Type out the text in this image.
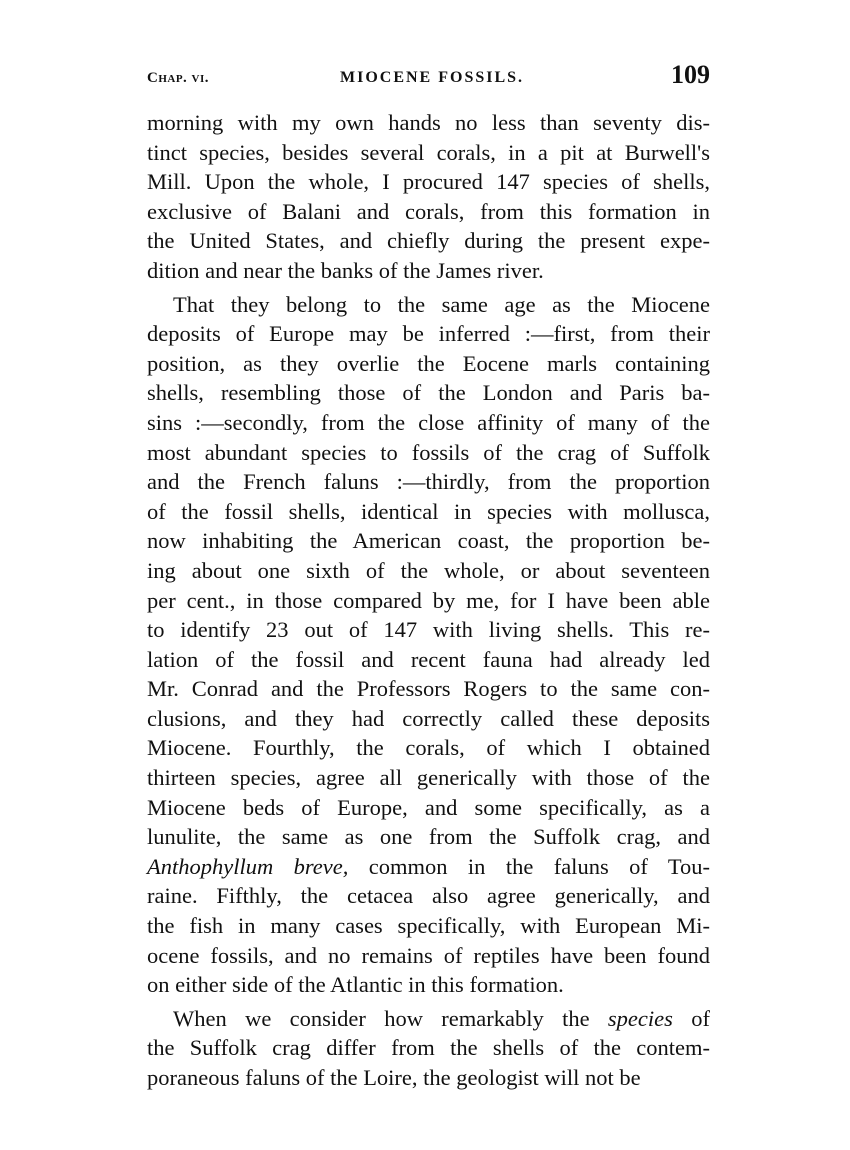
Chap. vi.	MIOCENE FOSSILS.	109
morning with my own hands no less than seventy dis-
tinct species, besides several corals, in a pit at Burwell's
Mill. Upon the whole, I procured 147 species of shells,
exclusive of Balani and corals, from this formation in
the United States, and chiefly during the present expe-
dition and near the banks of the James river.
That they belong to the same age as the Miocene
deposits of Europe may be inferred :—first, from their
position, as they overlie the Eocene marls containing
shells, resembling those of the London and Paris ba-
sins :—secondly, from the close affinity of many of the
most abundant species to fossils of the crag of Suffolk
and the French faluns :—thirdly, from the proportion
of the fossil shells, identical in species with mollusca,
now inhabiting the American coast, the proportion be-
ing about one sixth of the whole, or about seventeen
per cent., in those compared by me, for I have been able
to identify 23 out of 147 with living shells. This re-
lation of the fossil and recent fauna had already led
Mr. Conrad and the Professors Rogers to the same con-
clusions, and they had correctly called these deposits
Miocene. Fourthly, the corals, of which I obtained
thirteen species, agree all generically with those of the
Miocene beds of Europe, and some specifically, as a
lunulite, the same as one from the Suffolk crag, and
Anthophyllum breve, common in the faluns of Tou-
raine. Fifthly, the cetacea also agree generically, and
the fish in many cases specifically, with European Mi-
ocene fossils, and no remains of reptiles have been found
on either side of the Atlantic in this formation.
When we consider how remarkably the species of
the Suffolk crag differ from the shells of the contem-
poraneous faluns of the Loire, the geologist will not be
